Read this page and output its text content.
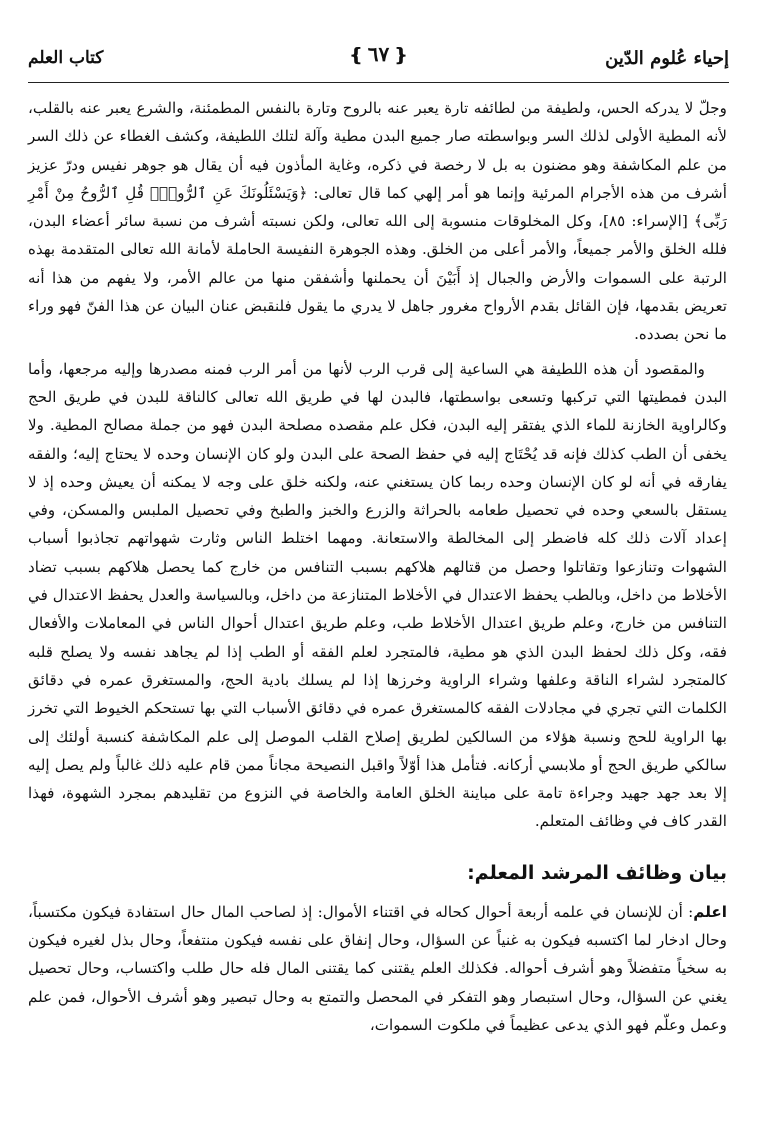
إحياء عُلوم الدّين
❴٦٧❵
كتاب العلم

وجلّ لا يدركه الحس، ولطيفة من لطائفه تارة يعبر عنه بالروح وتارة بالنفس المطمئنة، والشرع يعبر عنه بالقلب، لأنه المطية الأولى لذلك السر وبواسطته صار جميع البدن مطية وآلة لتلك اللطيفة، وكشف الغطاء عن ذلك السر من علم المكاشفة وهو مضنون به بل لا رخصة في ذكره، وغاية المأذون فيه أن يقال هو جوهر نفيس ودرّ عزيز أشرف من هذه الأجرام المرئية وإنما هو أمر إلهي كما قال تعالى: ﴿وَيَسْئَلُونَكَ عَنِ ٱلرُّوحِۖ قُلِ ٱلرُّوحُ مِنْ أَمْرِ رَبِّى﴾ [الإسراء: ٨٥]، وكل المخلوقات منسوبة إلى الله تعالى، ولكن نسبته أشرف من نسبة سائر أعضاء البدن، فلله الخلق والأمر جميعاً، والأمر أعلى من الخلق. وهذه الجوهرة النفيسة الحاملة لأمانة الله تعالى المتقدمة بهذه الرتبة على السموات والأرض والجبال إذ أَبَيْنَ أن يحملنها وأشفقن منها من عالم الأمر، ولا يفهم من هذا أنه تعريض بقدمها، فإن القائل بقدم الأرواح مغرور جاهل لا يدري ما يقول فلنقبض عنان البيان عن هذا الفنّ فهو وراء ما نحن بصدده.

والمقصود أن هذه اللطيفة هي الساعية إلى قرب الرب لأنها من أمر الرب فمنه مصدرها وإليه مرجعها، وأما البدن فمطيتها التي تركبها وتسعى بواسطتها، فالبدن لها في طريق الله تعالى كالناقة للبدن في طريق الحج وكالراوية الخازنة للماء الذي يفتقر إليه البدن، فكل علم مقصده مصلحة البدن فهو من جملة مصالح المطية. ولا يخفى أن الطب كذلك فإنه قد يُحْتَاج إليه في حفظ الصحة على البدن ولو كان الإنسان وحده لا يحتاج إليه؛ والفقه يفارقه في أنه لو كان الإنسان وحده ربما كان يستغني عنه، ولكنه خلق على وجه لا يمكنه أن يعيش وحده إذ لا يستقل بالسعي وحده في تحصيل طعامه بالحراثة والزرع والخبز والطبخ وفي تحصيل الملبس والمسكن، وفي إعداد آلات ذلك كله فاضطر إلى المخالطة والاستعانة. ومهما اختلط الناس وثارت شهواتهم تجاذبوا أسباب الشهوات وتنازعوا وتقاتلوا وحصل من قتالهم هلاكهم بسبب التنافس من خارج كما يحصل هلاكهم بسبب تضاد الأخلاط من داخل، وبالطب يحفظ الاعتدال في الأخلاط المتنازعة من داخل، وبالسياسة والعدل يحفظ الاعتدال في التنافس من خارج، وعلم طريق اعتدال الأخلاط طب، وعلم طريق اعتدال أحوال الناس في المعاملات والأفعال فقه، وكل ذلك لحفظ البدن الذي هو مطية، فالمتجرد لعلم الفقه أو الطب إذا لم يجاهد نفسه ولا يصلح قلبه كالمتجرد لشراء الناقة وعلفها وشراء الراوية وخرزها إذا لم يسلك بادية الحج، والمستغرق عمره في دقائق الكلمات التي تجري في مجادلات الفقه كالمستغرق عمره في دقائق الأسباب التي بها تستحكم الخيوط التي تخرز بها الراوية للحج ونسبة هؤلاء من السالكين لطريق إصلاح القلب الموصل إلى علم المكاشفة كنسبة أولئك إلى سالكي طريق الحج أو ملابسي أركانه. فتأمل هذا أوّلاً واقبل النصيحة مجاناً ممن قام عليه ذلك غالباً ولم يصل إليه إلا بعد جهد جهيد وجراءة تامة على مباينة الخلق العامة والخاصة في النزوع من تقليدهم بمجرد الشهوة، فهذا القدر كاف في وظائف المتعلم.

بيان وظائف المرشد المعلم:

اعلم: أن للإنسان في علمه أربعة أحوال كحاله في اقتناء الأموال: إذ لصاحب المال حال استفادة فيكون مكتسباً، وحال ادخار لما اكتسبه فيكون به غنياً عن السؤال، وحال إنفاق على نفسه فيكون منتفعاً، وحال بذل لغيره فيكون به سخياً متفضلاً وهو أشرف أحواله. فكذلك العلم يقتنى كما يقتنى المال فله حال طلب واكتساب، وحال تحصيل يغني عن السؤال، وحال استبصار وهو التفكر في المحصل والتمتع به وحال تبصير وهو أشرف الأحوال، فمن علم وعمل وعلّم فهو الذي يدعى عظيماً في ملكوت السموات،
